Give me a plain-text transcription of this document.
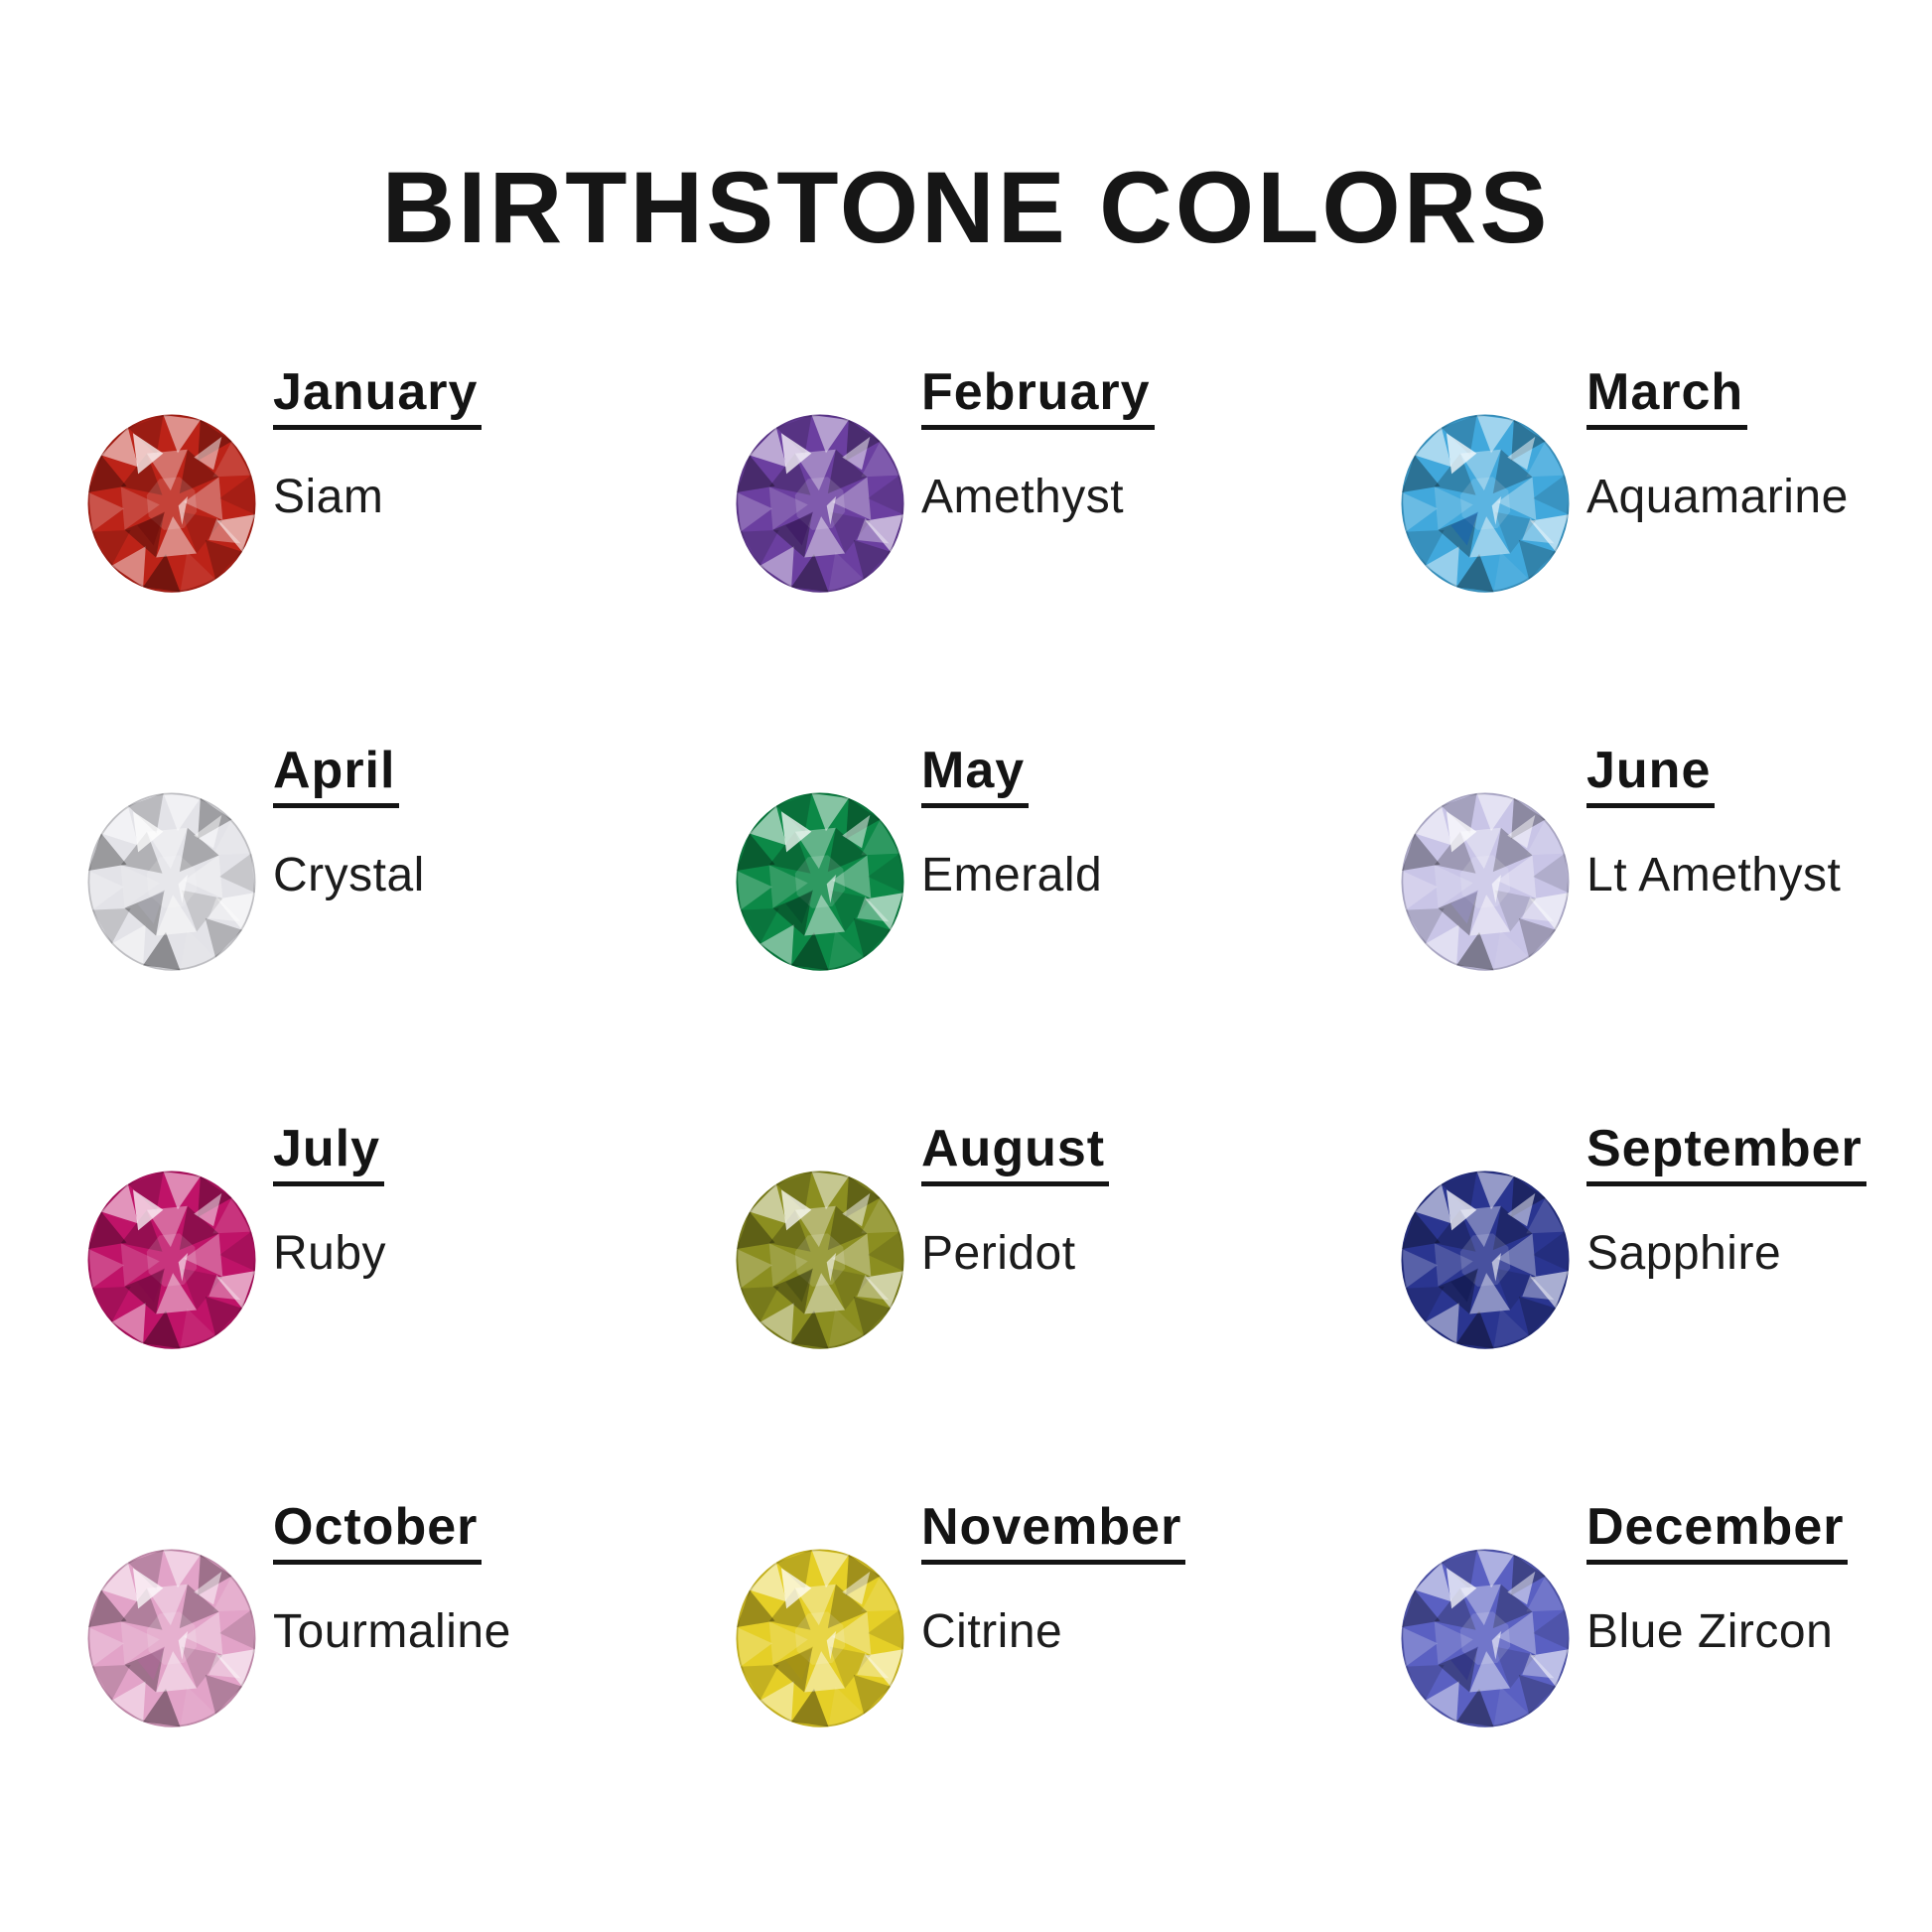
BIRTHSTONE COLORS
January
Siam
February
Amethyst
March
Aquamarine
April
Crystal
May
Emerald
June
Lt Amethyst
July
Ruby
August
Peridot
September
Sapphire
October
Tourmaline
November
Citrine
December
Blue Zircon
